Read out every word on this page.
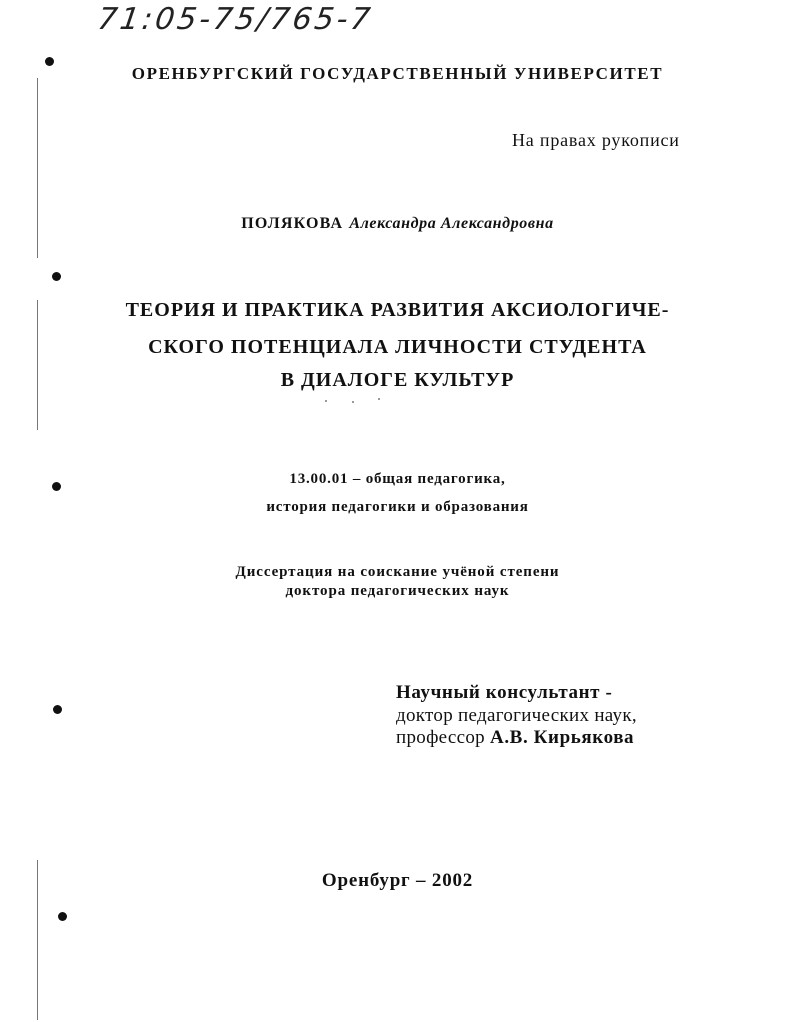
71:05-75/765-7
ОРЕНБУРГСКИЙ ГОСУДАРСТВЕННЫЙ УНИВЕРСИТЕТ
На правах рукописи
ПОЛЯКОВА Александра Александровна
ТЕОРИЯ И ПРАКТИКА РАЗВИТИЯ АКСИОЛОГИЧЕ-
СКОГО ПОТЕНЦИАЛА ЛИЧНОСТИ СТУДЕНТА
В ДИАЛОГЕ КУЛЬТУР
13.00.01 – общая педагогика,
история педагогики и образования
Диссертация на соискание учёной степени
доктора педагогических наук
Научный консультант -
доктор педагогических наук,
профессор А.В. Кирьякова
Оренбург – 2002
